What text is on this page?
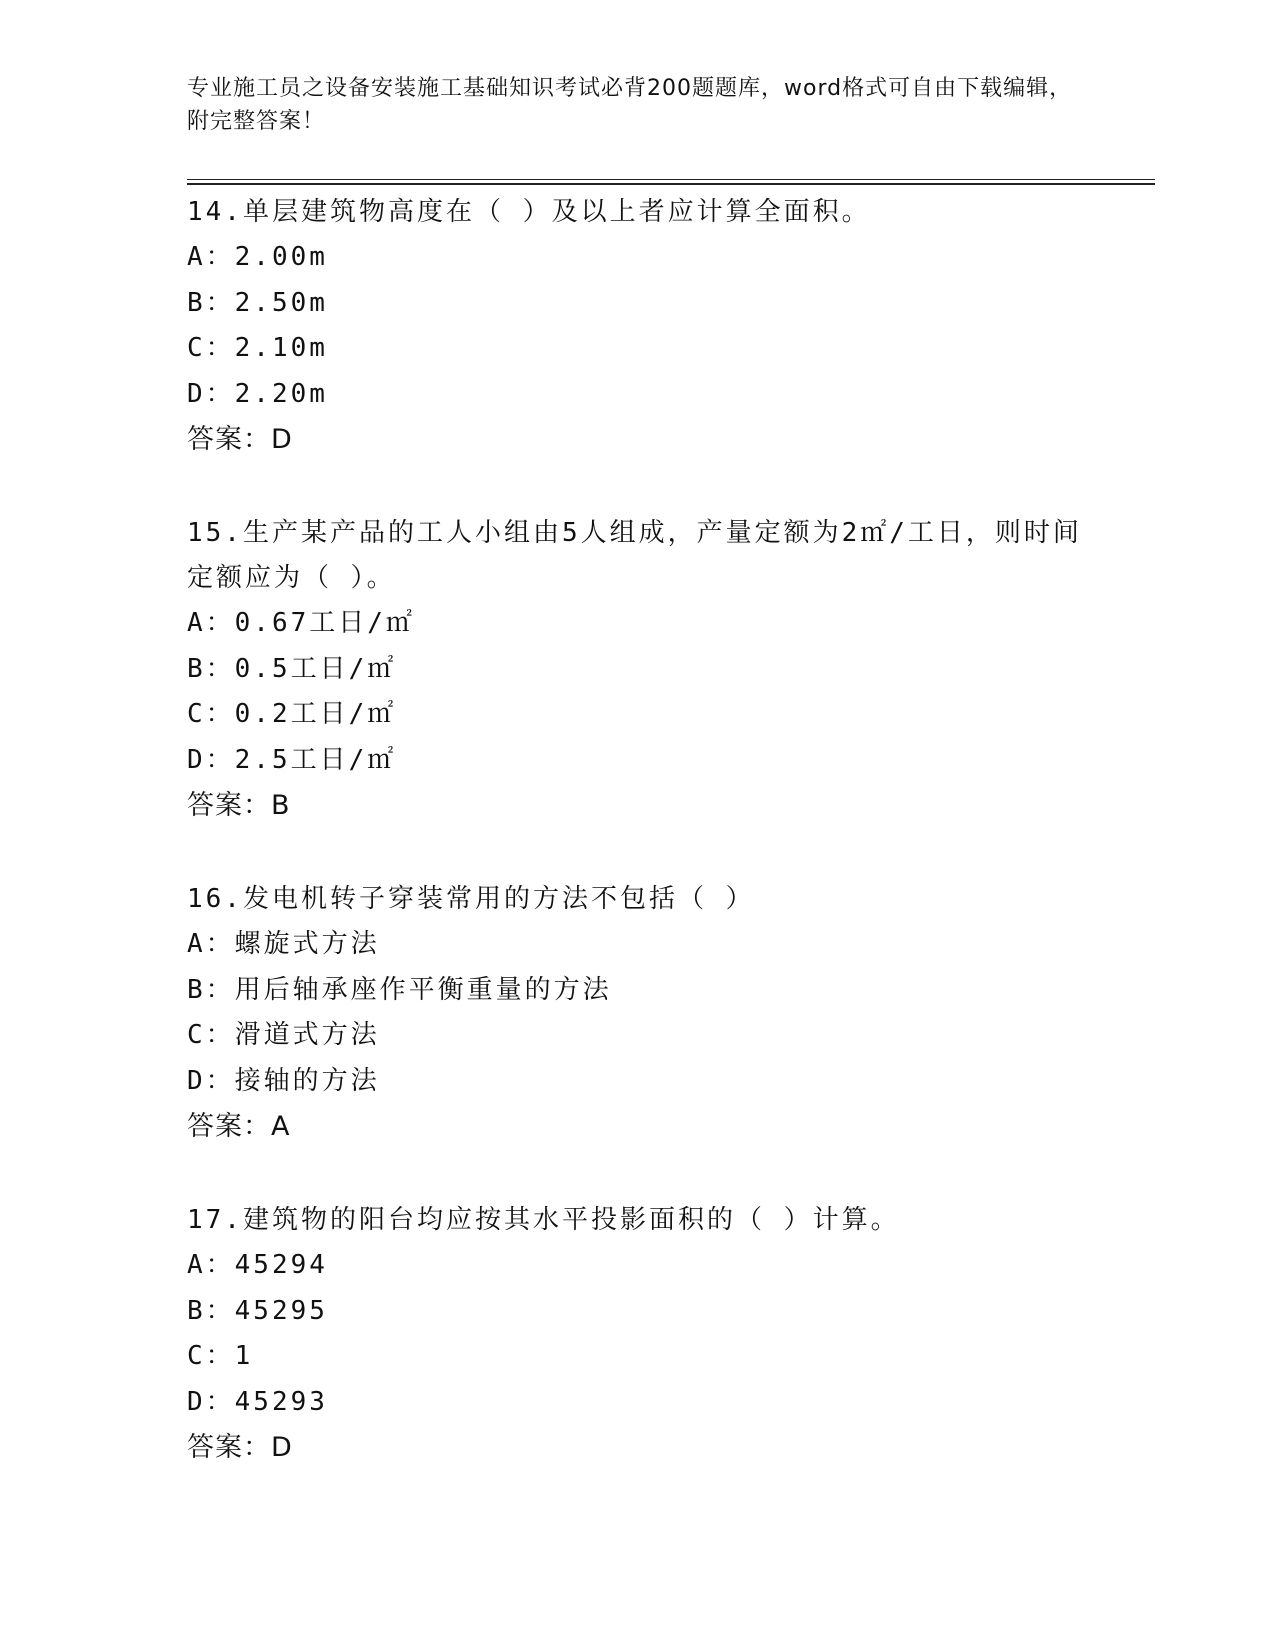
专业施工员之设备安装施工基础知识考试必背200题题库，word格式可自由下载编辑，附完整答案！
14.单层建筑物高度在（ ）及以上者应计算全面积。
A：2.00m
B：2.50m
C：2.10m
D：2.20m
答案：D
15.生产某产品的工人小组由5人组成，产量定额为2㎡/工日，则时间定额应为（ ）。
A：0.67工日/㎡
B：0.5工日/㎡
C：0.2工日/㎡
D：2.5工日/㎡
答案：B
16.发电机转子穿装常用的方法不包括（ ）
A：螺旋式方法
B：用后轴承座作平衡重量的方法
C：滑道式方法
D：接轴的方法
答案：A
17.建筑物的阳台均应按其水平投影面积的（ ）计算。
A：45294
B：45295
C：1
D：45293
答案：D
